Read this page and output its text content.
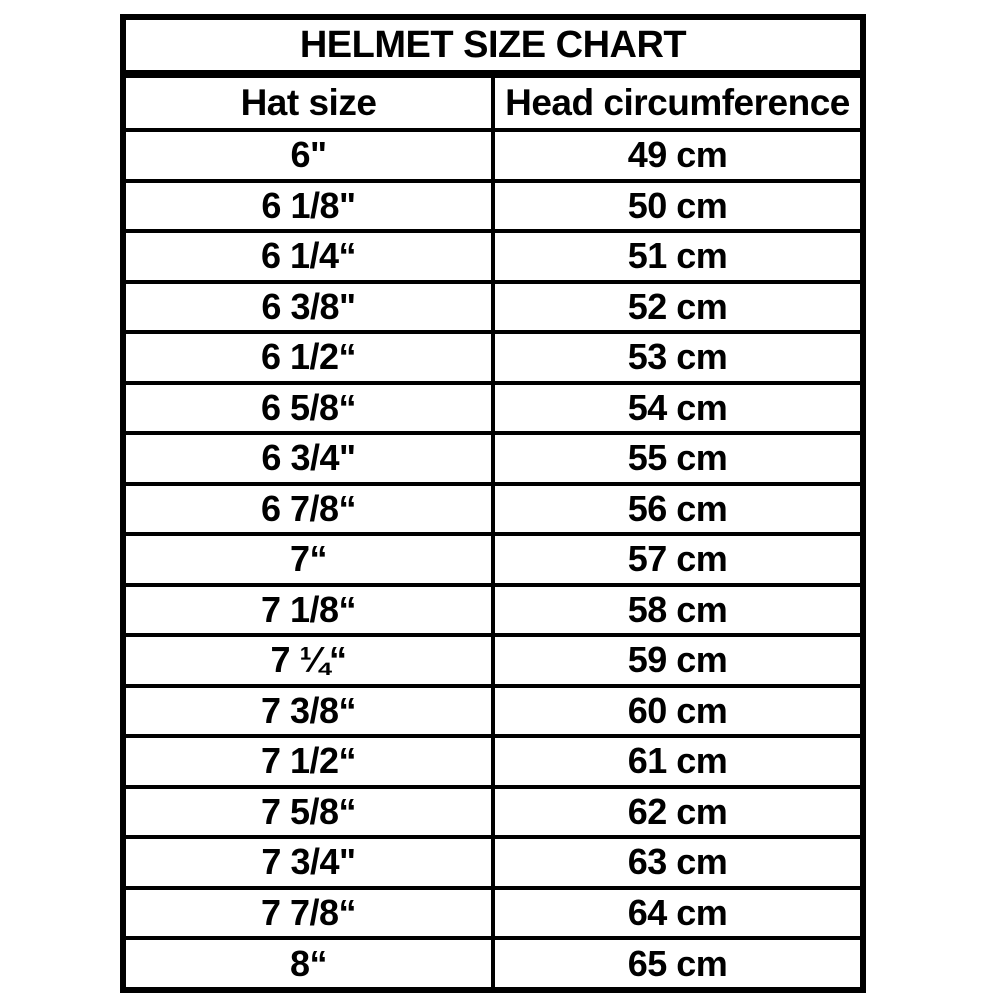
HELMET SIZE CHART	
Hat size	Head circumference
6"	49 cm
6 1/8"	50 cm
6 1/4“	51 cm
6 3/8"	52 cm
6 1/2“	53 cm
6 5/8“	54 cm
6 3/4"	55 cm
6 7/8“	56 cm
7“	57 cm
7 1/8“	58 cm
7 ¼“	59 cm
7 3/8“	60 cm
7 1/2“	61 cm
7 5/8“	62 cm
7 3/4"	63 cm
7 7/8“	64 cm
8“	65 cm
